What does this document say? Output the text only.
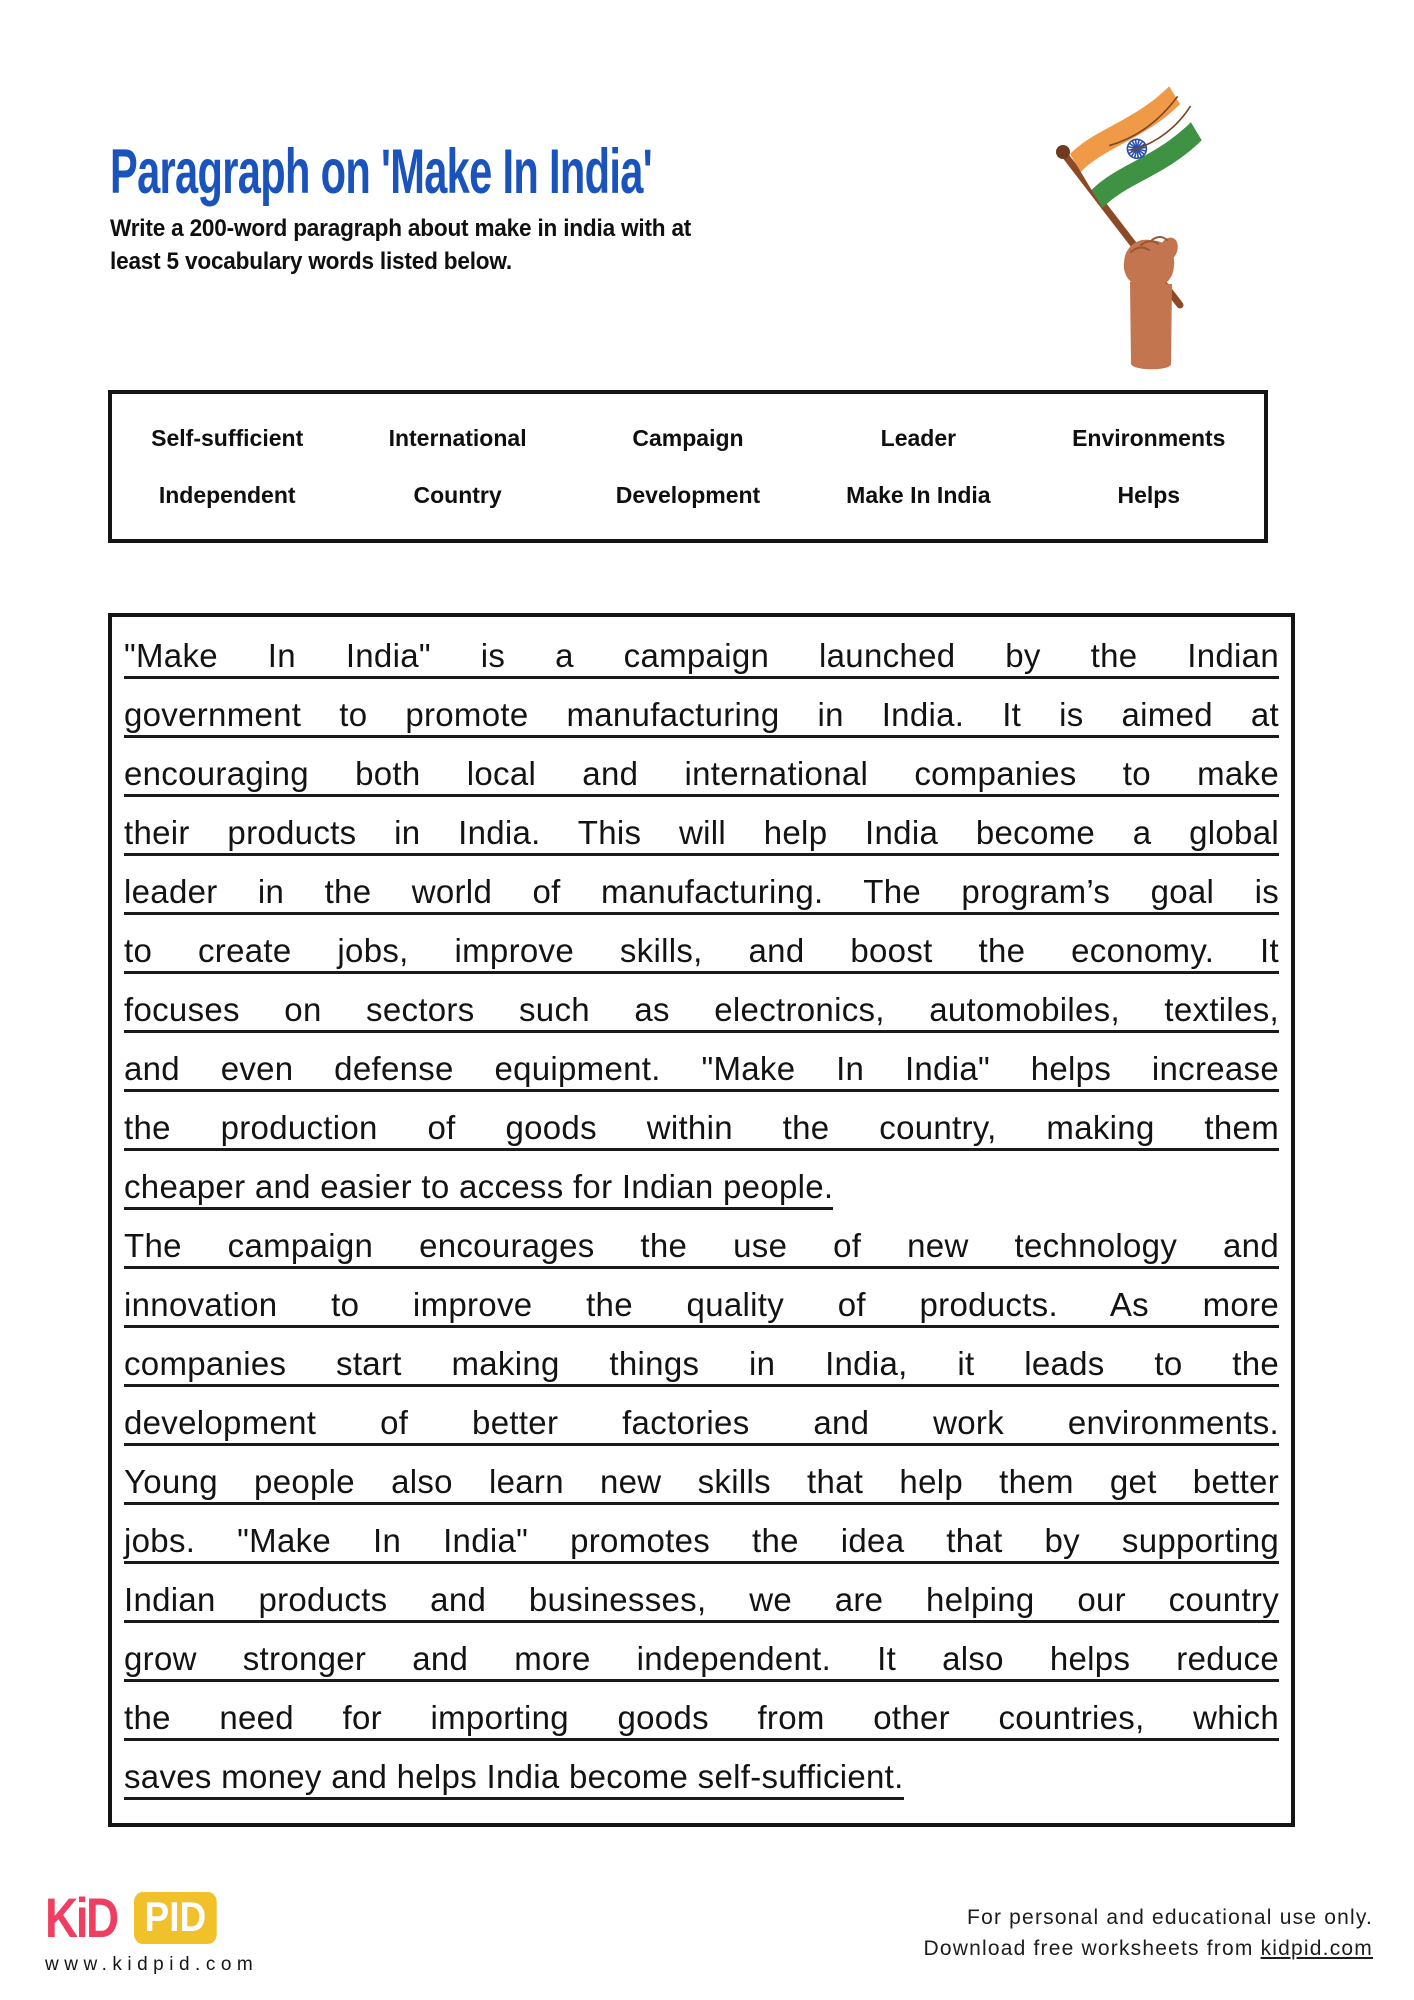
Paragraph on 'Make In India'
Write a 200-word paragraph about make in india with at
least 5 vocabulary words listed below.
Self-sufficient	International	Campaign	Leader	Environments
Independent	Country	Development	Make In India	Helps
"Make In India" is a campaign launched by the Indian
government to promote manufacturing in India. It is aimed at
encouraging both local and international companies to make
their products in India. This will help India become a global
leader in the world of manufacturing. The program’s goal is
to create jobs, improve skills, and boost the economy. It
focuses on sectors such as electronics, automobiles, textiles,
and even defense equipment. "Make In India" helps increase
the production of goods within the country, making them
cheaper and easier to access for Indian people.
The campaign encourages the use of new technology and
innovation to improve the quality of products. As more
companies start making things in India, it leads to the
development of better factories and work environments.
Young people also learn new skills that help them get better
jobs. "Make In India" promotes the idea that by supporting
Indian products and businesses, we are helping our country
grow stronger and more independent. It also helps reduce
the need for importing goods from other countries, which
saves money and helps India become self-sufficient.
KiD PID
www.kidpid.com
For personal and educational use only.
Download free worksheets from kidpid.com
